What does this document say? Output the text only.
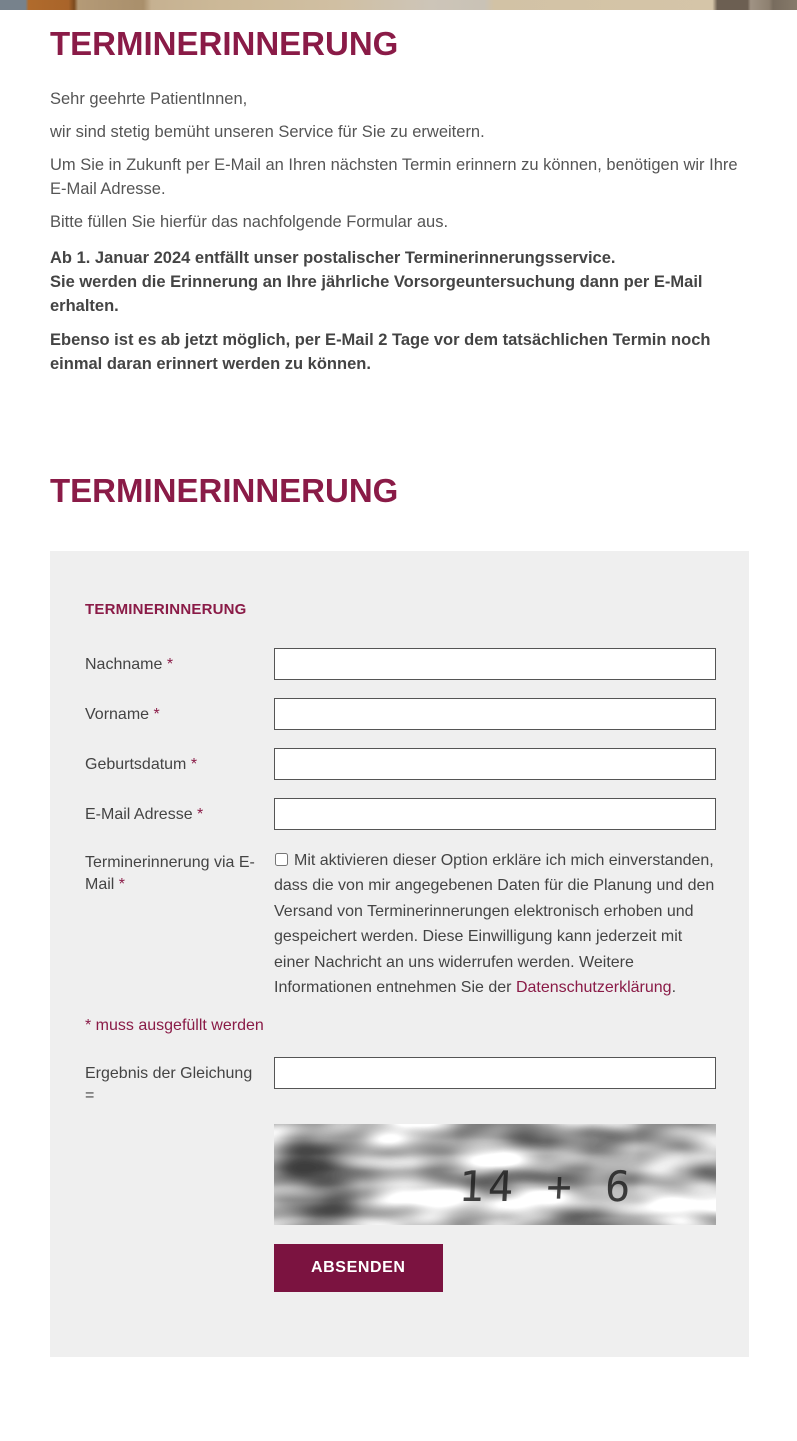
TERMINERINNERUNG

Sehr geehrte PatientInnen,

wir sind stetig bemüht unseren Service für Sie zu erweitern.

Um Sie in Zukunft per E-Mail an Ihren nächsten Termin erinnern zu können, benötigen wir Ihre E-Mail Adresse.

Bitte füllen Sie hierfür das nachfolgende Formular aus.

Ab 1. Januar 2024 entfällt unser postalischer Terminerinnerungsservice.
Sie werden die Erinnerung an Ihre jährliche Vorsorgeuntersuchung dann per E-Mail erhalten.

Ebenso ist es ab jetzt möglich, per E-Mail 2 Tage vor dem tatsächlichen Termin noch einmal daran erinnert werden zu können.

TERMINERINNERUNG
TERMINERINNERUNG
Nachname *
Vorname *
Geburtsdatum *
E-Mail Adresse *
Terminerinnerung via E-Mail *
Mit aktivieren dieser Option erkläre ich mich einverstanden, dass die von mir angegebenen Daten für die Planung und den Versand von Terminerinnerungen elektronisch erhoben und gespeichert werden. Diese Einwilligung kann jederzeit mit einer Nachricht an uns widerrufen werden. Weitere Informationen entnehmen Sie der Datenschutzerklärung.
* muss ausgefüllt werden
Ergebnis der Gleichung =
14 + 6
ABSENDEN
